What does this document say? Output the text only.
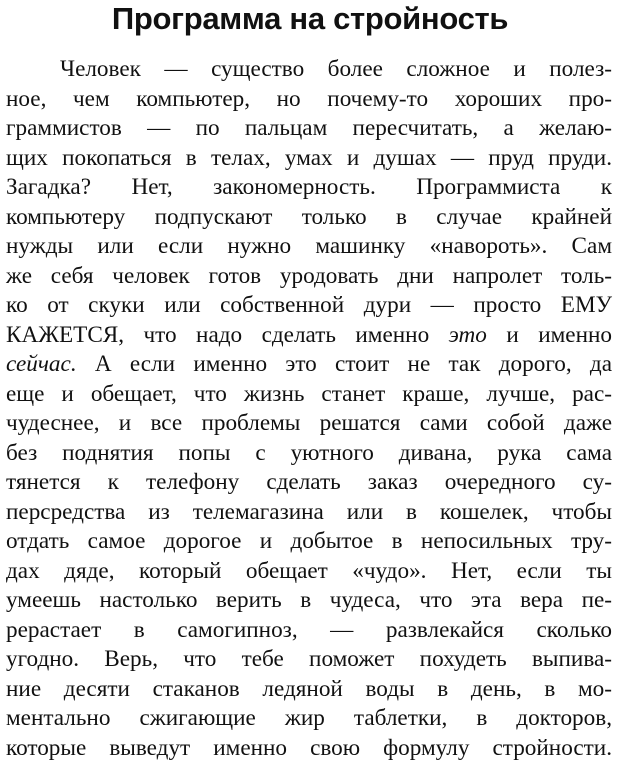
Программа на стройность
Человек — существо более сложное и полез-
ное, чем компьютер, но почему-то хороших про-
граммистов — по пальцам пересчитать, а желаю-
щих покопаться в телах, умах и душах — пруд пруди.
Загадка? Нет, закономерность. Программиста к
компьютеру подпускают только в случае крайней
нужды или если нужно машинку «навороть». Сам
же себя человек готов уродовать дни напролет толь-
ко от скуки или собственной дури — просто ЕМУ
КАЖЕТСЯ, что надо сделать именно это и именно
сейчас. А если именно это стоит не так дорого, да
еще и обещает, что жизнь станет краше, лучше, рас-
чудеснее, и все проблемы решатся сами собой даже
без поднятия попы с уютного дивана, рука сама
тянется к телефону сделать заказ очередного су-
персредства из телемагазина или в кошелек, чтобы
отдать самое дорогое и добытое в непосильных тру-
дах дяде, который обещает «чудо». Нет, если ты
умеешь настолько верить в чудеса, что эта вера пе-
рерастает в самогипноз, — развлекайся сколько
угодно. Верь, что тебе поможет похудеть выпива-
ние десяти стаканов ледяной воды в день, в мо-
ментально сжигающие жир таблетки, в докторов,
которые выведут именно свою формулу стройности.
